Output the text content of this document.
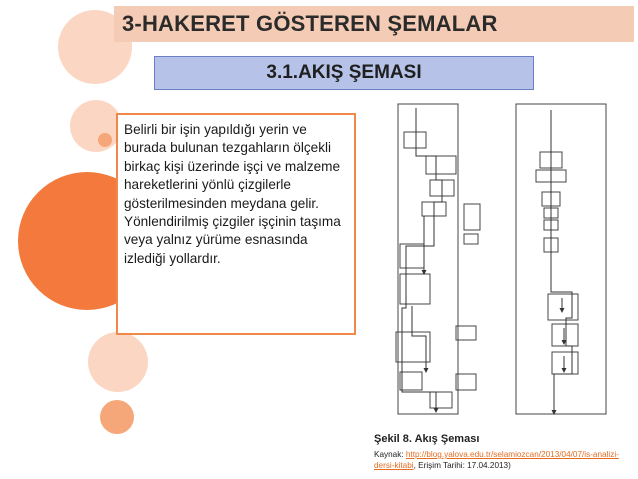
3-HAKERET GÖSTEREN ŞEMALAR
3.1.AKIŞ ŞEMASI

Belirli bir işin yapıldığı yerin ve burada bulunan tezgahların ölçekli birkaç kişi üzerinde işçi ve malzeme hareketlerini yönlü çizgilerle gösterilmesinden meydana gelir. Yönlendirilmiş çizgiler işçinin taşıma veya yalnız yürüme esnasında izlediği yollardır.

Şekil 8. Akış Şeması
Kaynak: http://blog.yalova.edu.tr/selamiozcan/2013/04/07/is-analizi-dersi-kitabi, Erişim Tarihi: 17.04.2013)
